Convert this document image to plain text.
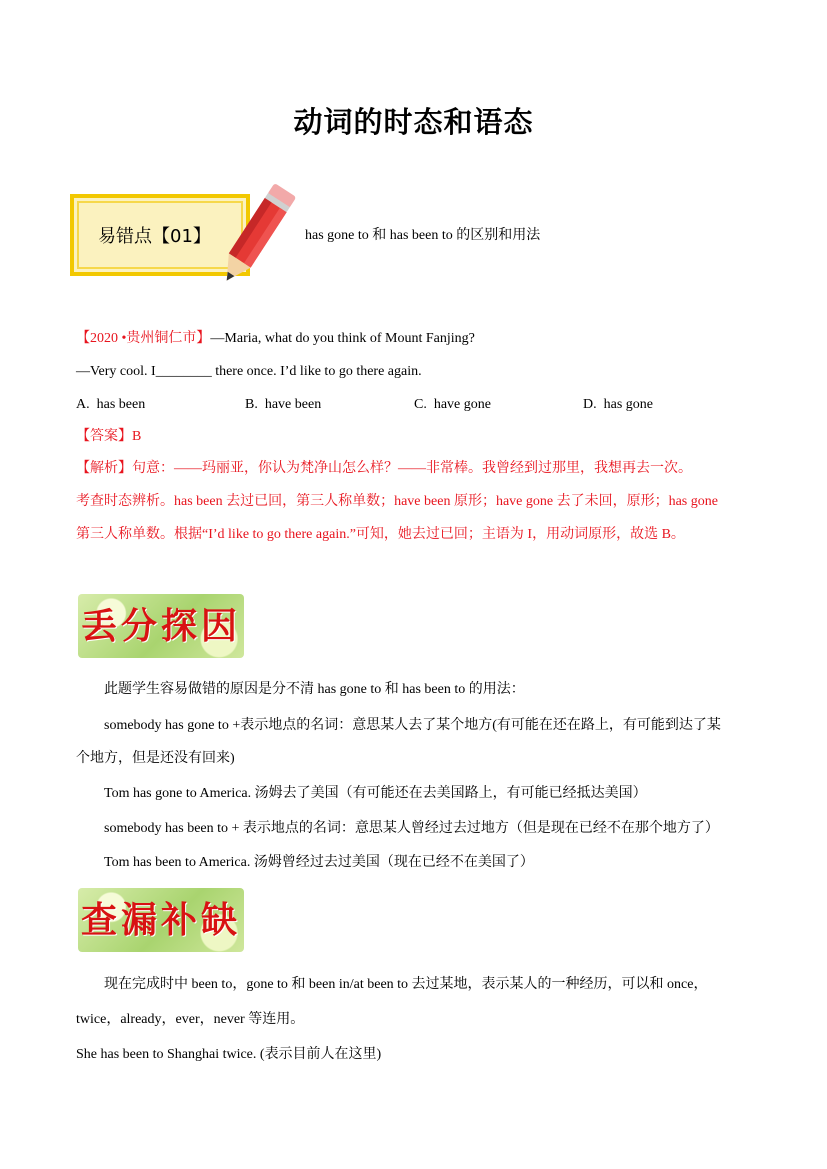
动词的时态和语态
易错点【01】	has gone to 和 has been to 的区别和用法
【2020 •贵州铜仁市】—Maria, what do you think of Mount Fanjing?
—Very cool. I________ there once. I’d like to go there again.
A. has been	B. have been	C. have gone	D. has gone
【答案】B
【解析】句意：——玛丽亚，你认为梵净山怎么样？——非常棒。我曾经到过那里，我想再去一次。
考查时态辨析。has been 去过已回，第三人称单数；have been 原形；have gone 去了未回，原形；has gone
第三人称单数。根据“I’d like to go there again.”可知，她去过已回；主语为 I，用动词原形，故选 B。
丢分探因
此题学生容易做错的原因是分不清 has gone to 和 has been to 的用法：
somebody has gone to +表示地点的名词：意思某人去了某个地方(有可能在还在路上，有可能到达了某
个地方，但是还没有回来)
Tom has gone to America. 汤姆去了美国（有可能还在去美国路上，有可能已经抵达美国）
somebody has been to + 表示地点的名词：意思某人曾经过去过地方（但是现在已经不在那个地方了）
Tom has been to America. 汤姆曾经过去过美国（现在已经不在美国了）
查漏补缺
现在完成时中 been to，gone to 和 been in/at been to 去过某地，表示某人的一种经历，可以和 once，
twice，already，ever，never 等连用。
She has been to Shanghai twice. (表示目前人在这里)
